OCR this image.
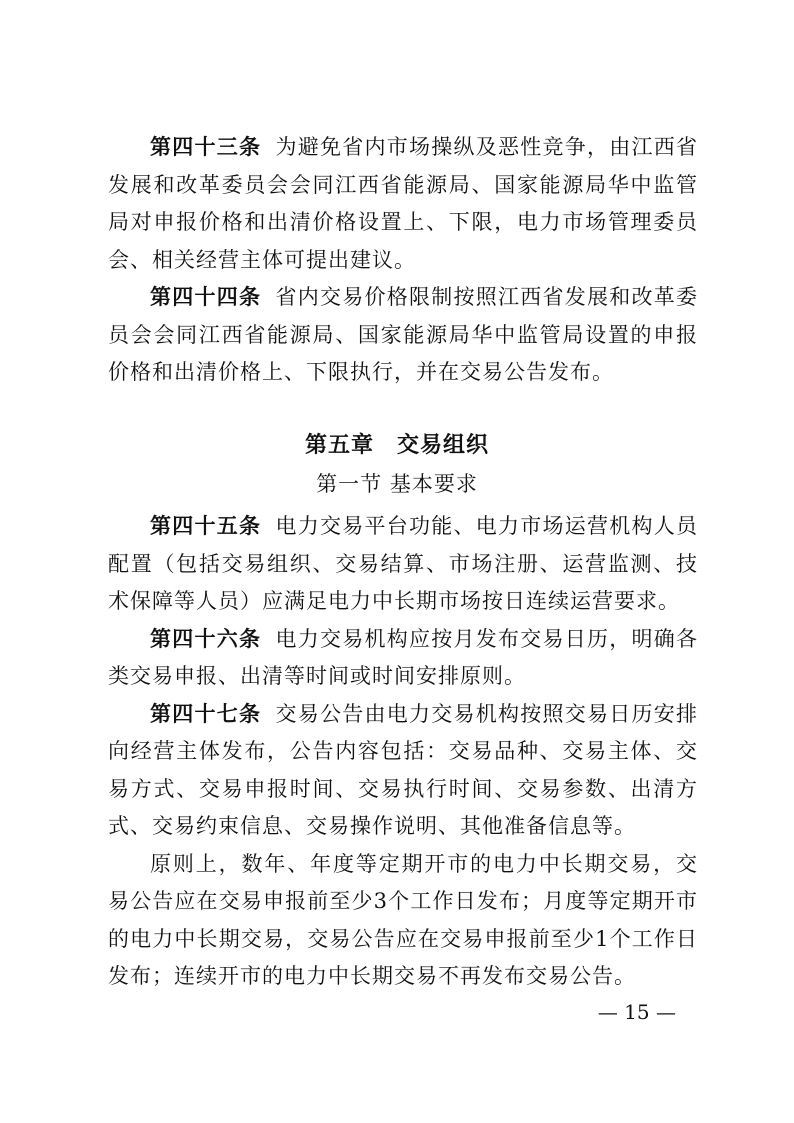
第四十三条 为避免省内市场操纵及恶性竞争，由江西省发展和改革委员会会同江西省能源局、国家能源局华中监管局对申报价格和出清价格设置上、下限，电力市场管理委员会、相关经营主体可提出建议。

第四十四条 省内交易价格限制按照江西省发展和改革委员会会同江西省能源局、国家能源局华中监管局设置的申报价格和出清价格上、下限执行，并在交易公告发布。

第五章　交易组织
第一节 基本要求

第四十五条 电力交易平台功能、电力市场运营机构人员配置（包括交易组织、交易结算、市场注册、运营监测、技术保障等人员）应满足电力中长期市场按日连续运营要求。

第四十六条 电力交易机构应按月发布交易日历，明确各类交易申报、出清等时间或时间安排原则。

第四十七条 交易公告由电力交易机构按照交易日历安排向经营主体发布，公告内容包括：交易品种、交易主体、交易方式、交易申报时间、交易执行时间、交易参数、出清方式、交易约束信息、交易操作说明、其他准备信息等。

原则上，数年、年度等定期开市的电力中长期交易，交易公告应在交易申报前至少3个工作日发布；月度等定期开市的电力中长期交易，交易公告应在交易申报前至少1个工作日发布；连续开市的电力中长期交易不再发布交易公告。

— 15 —
